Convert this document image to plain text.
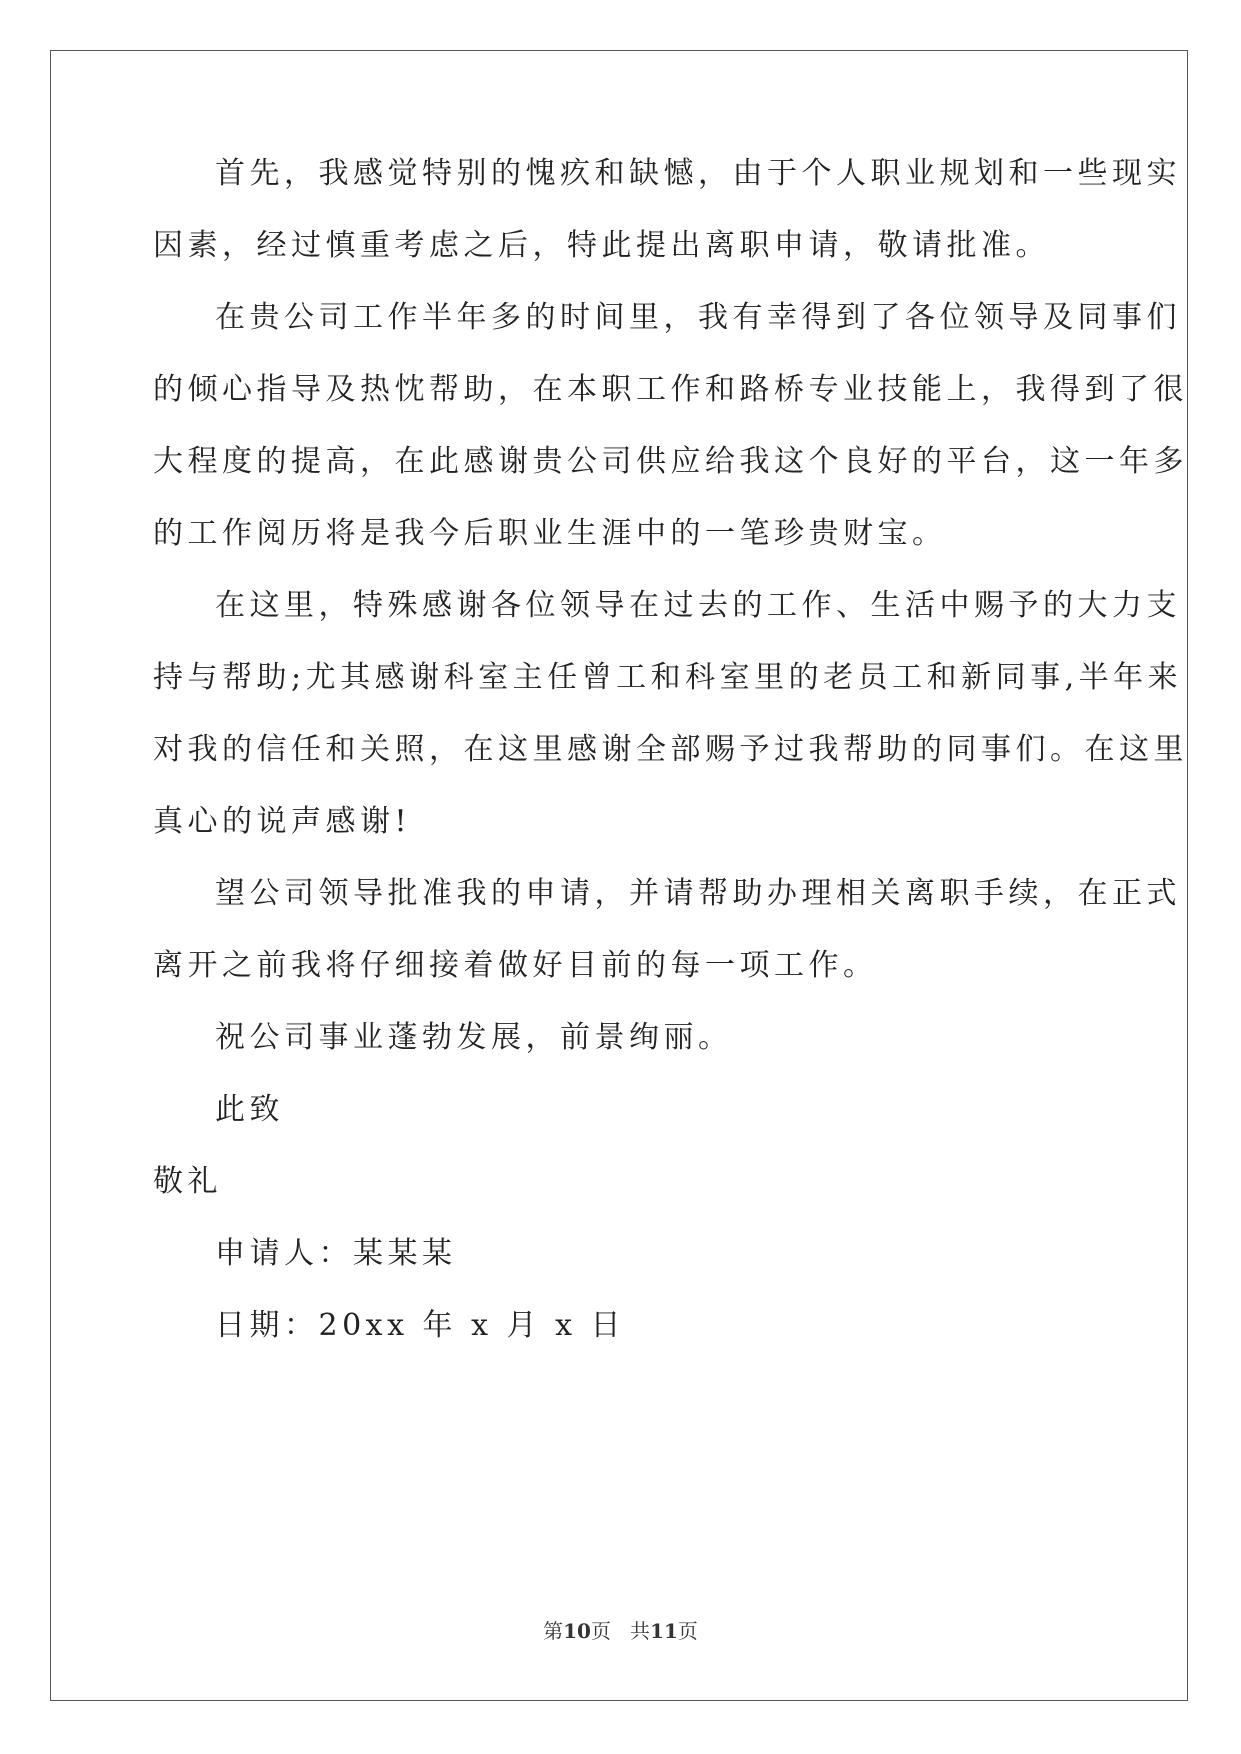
首先，我感觉特别的愧疚和缺憾，由于个人职业规划和一些现实
因素，经过慎重考虑之后，特此提出离职申请，敬请批准。
在贵公司工作半年多的时间里，我有幸得到了各位领导及同事们
的倾心指导及热忱帮助，在本职工作和路桥专业技能上，我得到了很
大程度的提高，在此感谢贵公司供应给我这个良好的平台，这一年多
的工作阅历将是我今后职业生涯中的一笔珍贵财宝。
在这里，特殊感谢各位领导在过去的工作、生活中赐予的大力支
持与帮助;尤其感谢科室主任曾工和科室里的老员工和新同事,半年来
对我的信任和关照，在这里感谢全部赐予过我帮助的同事们。在这里
真心的说声感谢!
望公司领导批准我的申请，并请帮助办理相关离职手续，在正式
离开之前我将仔细接着做好目前的每一项工作。
祝公司事业蓬勃发展，前景绚丽。
此致
敬礼
申请人：某某某
日期：20xx 年 x 月 x 日
第10页 共11页
